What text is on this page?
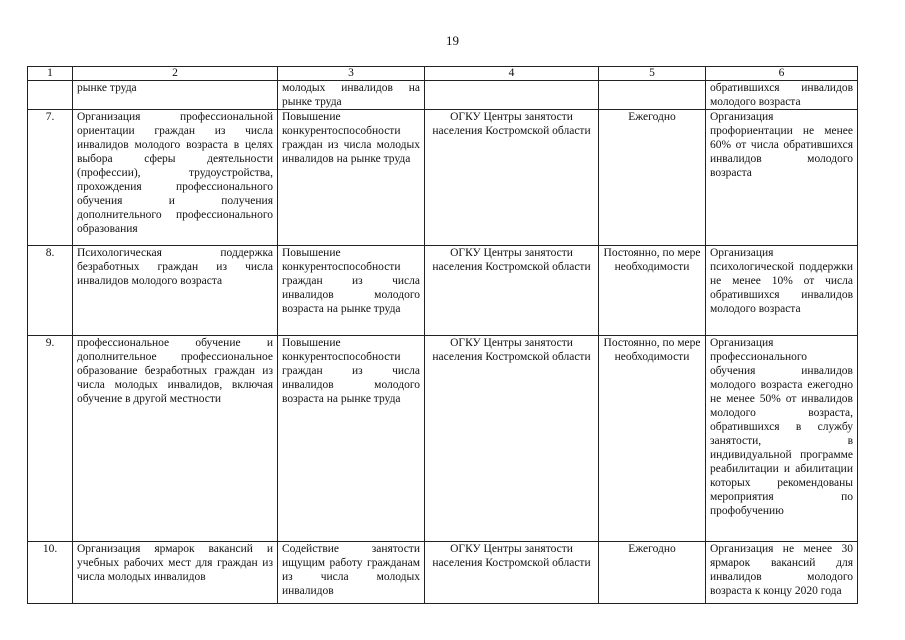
19
1	2	3	4	5	6
	рынке труда	молодых инвалидов на рынке труда			обратившихся инвалидов молодого возраста
7.	Организация профессиональной ориентации граждан из числа инвалидов молодого возраста в целях выбора сферы деятельности (профессии), трудоустройства, прохождения профессионального обучения и получения дополнительного профессионального образования	Повышение конкурентоспособности граждан из числа молодых инвалидов на рынке труда	ОГКУ Центры занятости населения Костромской области	Ежегодно	Организация профориентации не менее 60% от числа обратившихся инвалидов молодого возраста
8.	Психологическая поддержка безработных граждан из числа инвалидов молодого возраста	Повышение конкурентоспособности граждан из числа инвалидов молодого возраста на рынке труда	ОГКУ Центры занятости населения Костромской области	Постоянно, по мере необходимости	Организация психологической поддержки не менее 10% от числа обратившихся инвалидов молодого возраста
9.	профессиональное обучение и дополнительное профессиональное образование безработных граждан из числа молодых инвалидов, включая обучение в другой местности	Повышение конкурентоспособности граждан из числа инвалидов молодого возраста на рынке труда	ОГКУ Центры занятости населения Костромской области	Постоянно, по мере необходимости	Организация профессионального обучения инвалидов молодого возраста ежегодно не менее 50% от инвалидов молодого возраста, обратившихся в службу занятости, в индивидуальной программе реабилитации и абилитации которых рекомендованы мероприятия по профобучению
10.	Организация ярмарок вакансий и учебных рабочих мест для граждан из числа молодых инвалидов	Содействие занятости ищущим работу гражданам из числа молодых инвалидов	ОГКУ Центры занятости населения Костромской области	Ежегодно	Организация не менее 30 ярмарок вакансий для инвалидов молодого возраста к концу 2020 года
